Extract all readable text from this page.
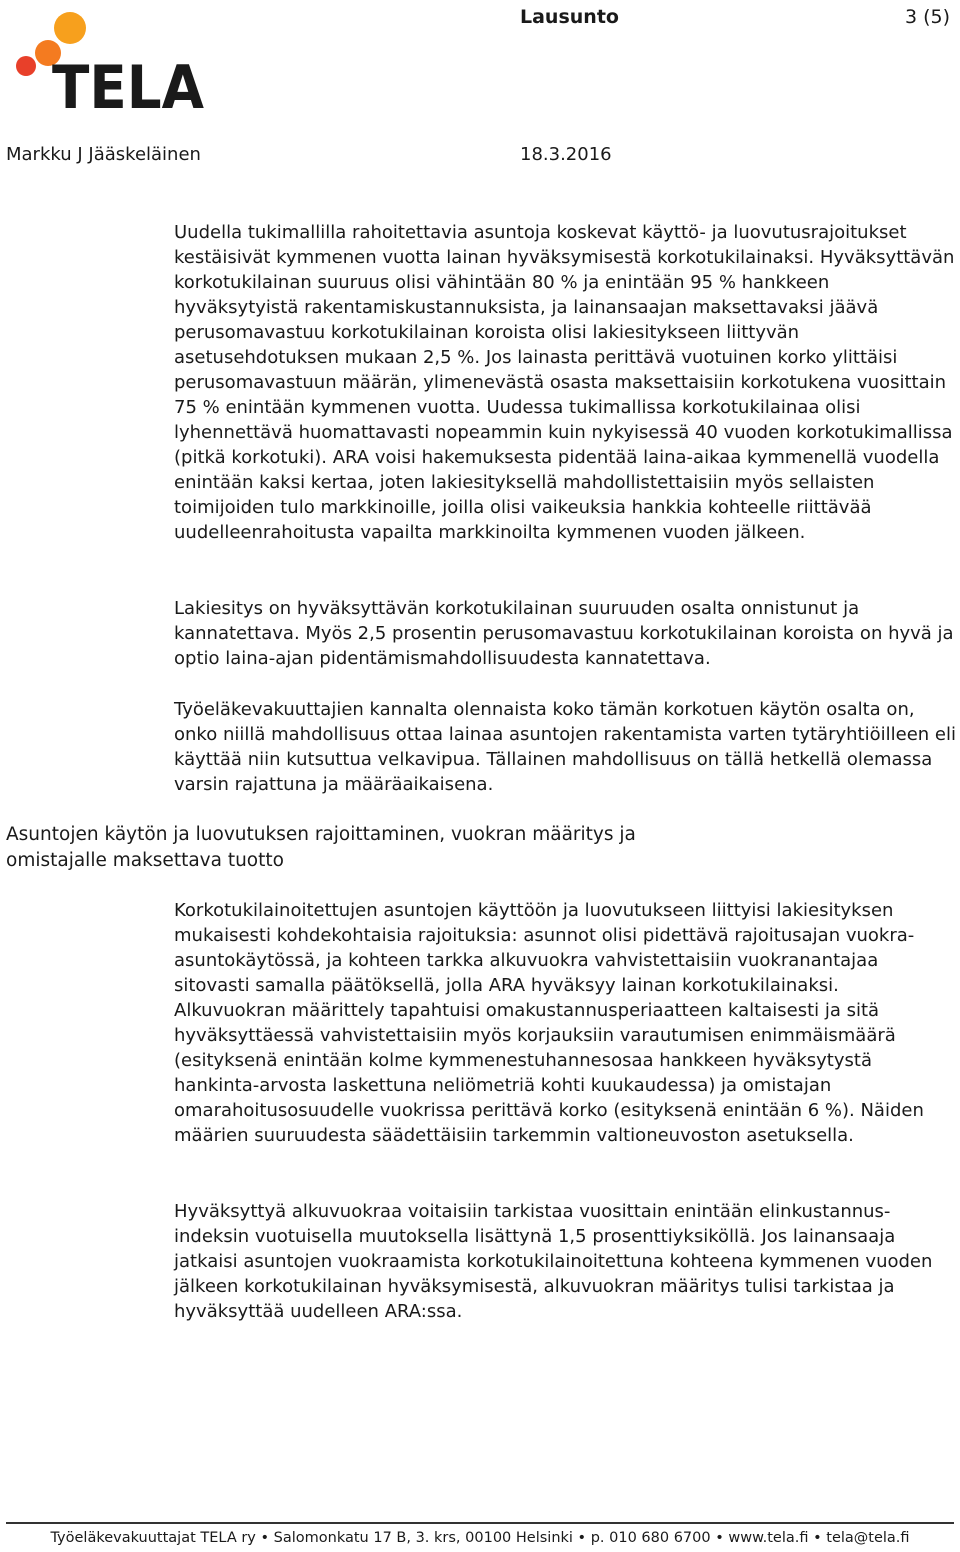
TELA
Lausunto	3 (5)
Markku J Jääskeläinen	18.3.2016

Uudella tukimallilla rahoitettavia asuntoja koskevat käyttö- ja luovutusrajoitukset kestäisivät kymmenen vuotta lainan hyväksymisestä korkotukilainaksi. Hyväksyttävän korkotukilainan suuruus olisi vähintään 80 % ja enintään 95 % hankkeen hyväksytyistä rakentamiskustannuksista, ja lainansaajan maksettavaksi jäävä perusomavastuu korkotukilainan koroista olisi lakiesitykseen liittyvän asetusehdotuksen mukaan 2,5 %. Jos lainasta perittävä vuotuinen korko ylittäisi perusomavastuun määrän, ylimenevästä osasta maksettaisiin korkotukena vuosittain 75 % enintään kymmenen vuotta. Uudessa tukimallissa korkotukilainaa olisi lyhennettävä huomattavasti nopeammin kuin nykyisessä 40 vuoden korkotukimallissa (pitkä korkotuki). ARA voisi hakemuksesta pidentää laina-aikaa kymmenellä vuodella enintään kaksi kertaa, joten lakiesityksellä mahdollistettaisiin myös sellaisten toimijoiden tulo markkinoille, joilla olisi vaikeuksia hankkia kohteelle riittävää uudelleenrahoitusta vapailta markkinoilta kymmenen vuoden jälkeen.

Lakiesitys on hyväksyttävän korkotukilainan suuruuden osalta onnistunut ja kannatettava. Myös 2,5 prosentin perusomavastuu korkotukilainan koroista on hyvä ja optio laina-ajan pidentämismahdollisuudesta kannatettava.

Työeläkevakuuttajien kannalta olennaista koko tämän korkotuen käytön osalta on, onko niillä mahdollisuus ottaa lainaa asuntojen rakentamista varten tytäryhtiöilleen eli käyttää niin kutsuttua velkavipua. Tällainen mahdollisuus on tällä hetkellä olemassa varsin rajattuna ja määräaikaisena.

Asuntojen käytön ja luovutuksen rajoittaminen, vuokran määritys ja omistajalle maksettava tuotto

Korkotukilainoitettujen asuntojen käyttöön ja luovutukseen liittyisi lakiesityksen mukaisesti kohdekohtaisia rajoituksia: asunnot olisi pidettävä rajoitusajan vuokra-asuntokäytössä, ja kohteen tarkka alkuvuokra vahvistettaisiin vuokranantajaa sitovasti samalla päätöksellä, jolla ARA hyväksyy lainan korkotukilainaksi. Alkuvuokran määrittely tapahtuisi omakustannusperiaatteen kaltaisesti ja sitä hyväksyttäessä vahvistettaisiin myös korjauksiin varautumisen enimmäismäärä (esityksenä enintään kolme kymmenestuhannesosaa hankkeen hyväksytystä hankinta-arvosta laskettuna neliömetriä kohti kuukaudessa) ja omistajan omarahoitusosuudelle vuokrissa perittävä korko (esityksenä enintään 6 %). Näiden määrien suuruudesta säädettäisiin tarkemmin valtioneuvoston asetuksella.

Hyväksyttyä alkuvuokraa voitaisiin tarkistaa vuosittain enintään elinkustannus-indeksin vuotuisella muutoksella lisättynä 1,5 prosenttiyksiköllä. Jos lainansaaja jatkaisi asuntojen vuokraamista korkotukilainoitettuna kohteena kymmenen vuoden jälkeen korkotukilainan hyväksymisestä, alkuvuokran määritys tulisi tarkistaa ja hyväksyttää uudelleen ARA:ssa.

Työeläkevakuuttajat TELA ry • Salomonkatu 17 B, 3. krs, 00100 Helsinki • p. 010 680 6700 • www.tela.fi • tela@tela.fi
